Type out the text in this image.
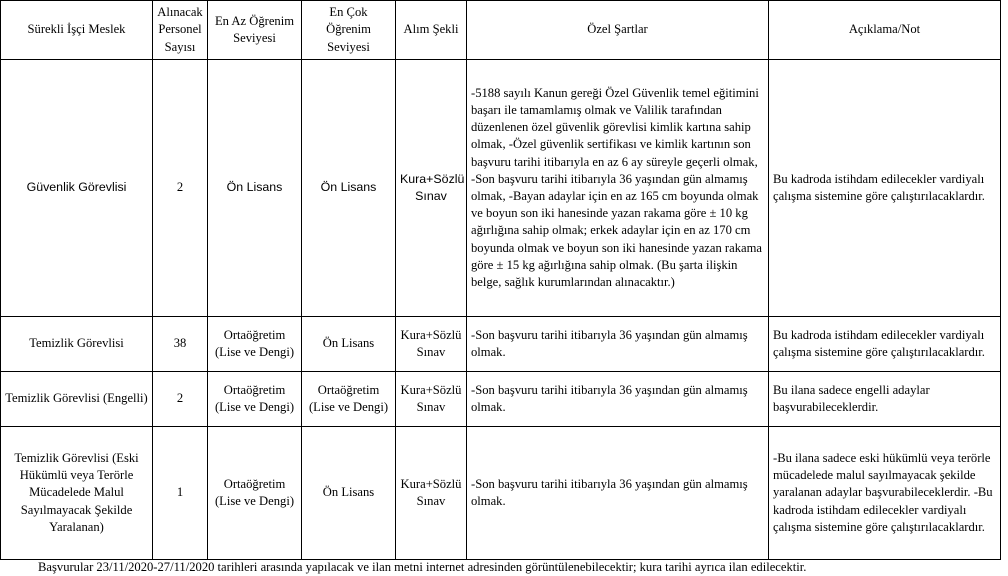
Sürekli İşçi Meslek	Alınacak Personel Sayısı	En Az Öğrenim Seviyesi	En Çok Öğrenim Seviyesi	Alım Şekli	Özel Şartlar	Açıklama/Not
Güvenlik Görevlisi	2	Ön Lisans	Ön Lisans	Kura+Sözlü Sınav	-5188 sayılı Kanun gereği Özel Güvenlik temel eğitimini başarı ile tamamlamış olmak ve Valilik tarafından düzenlenen özel güvenlik görevlisi kimlik kartına sahip olmak, -Özel güvenlik sertifikası ve kimlik kartının son başvuru tarihi itibarıyla en az 6 ay süreyle geçerli olmak, -Son başvuru tarihi itibarıyla 36 yaşından gün almamış olmak, -Bayan adaylar için en az 165 cm boyunda olmak ve boyun son iki hanesinde yazan rakama göre ± 10 kg ağırlığına sahip olmak; erkek adaylar için en az 170 cm boyunda olmak ve boyun son iki hanesinde yazan rakama göre ± 15 kg ağırlığına sahip olmak. (Bu şarta ilişkin belge, sağlık kurumlarından alınacaktır.)	Bu kadroda istihdam edilecekler vardiyalı çalışma sistemine göre çalıştırılacaklardır.
Temizlik Görevlisi	38	Ortaöğretim (Lise ve Dengi)	Ön Lisans	Kura+Sözlü Sınav	-Son başvuru tarihi itibarıyla 36 yaşından gün almamış olmak.	Bu kadroda istihdam edilecekler vardiyalı çalışma sistemine göre çalıştırılacaklardır.
Temizlik Görevlisi (Engelli)	2	Ortaöğretim (Lise ve Dengi)	Ortaöğretim (Lise ve Dengi)	Kura+Sözlü Sınav	-Son başvuru tarihi itibarıyla 36 yaşından gün almamış olmak.	Bu ilana sadece engelli adaylar başvurabileceklerdir.
Temizlik Görevlisi (Eski Hükümlü veya Terörle Mücadelede Malul Sayılmayacak Şekilde Yaralanan)	1	Ortaöğretim (Lise ve Dengi)	Ön Lisans	Kura+Sözlü Sınav	-Son başvuru tarihi itibarıyla 36 yaşından gün almamış olmak.	-Bu ilana sadece eski hükümlü veya terörle mücadelede malul sayılmayacak şekilde yaralanan adaylar başvurabileceklerdir. -Bu kadroda istihdam edilecekler vardiyalı çalışma sistemine göre çalıştırılacaklardır.
Başvurular 23/11/2020-27/11/2020 tarihleri arasında yapılacak ve ilan metni internet adresinden görüntülenebilecektir; kura tarihi ayrıca ilan edilecektir.
